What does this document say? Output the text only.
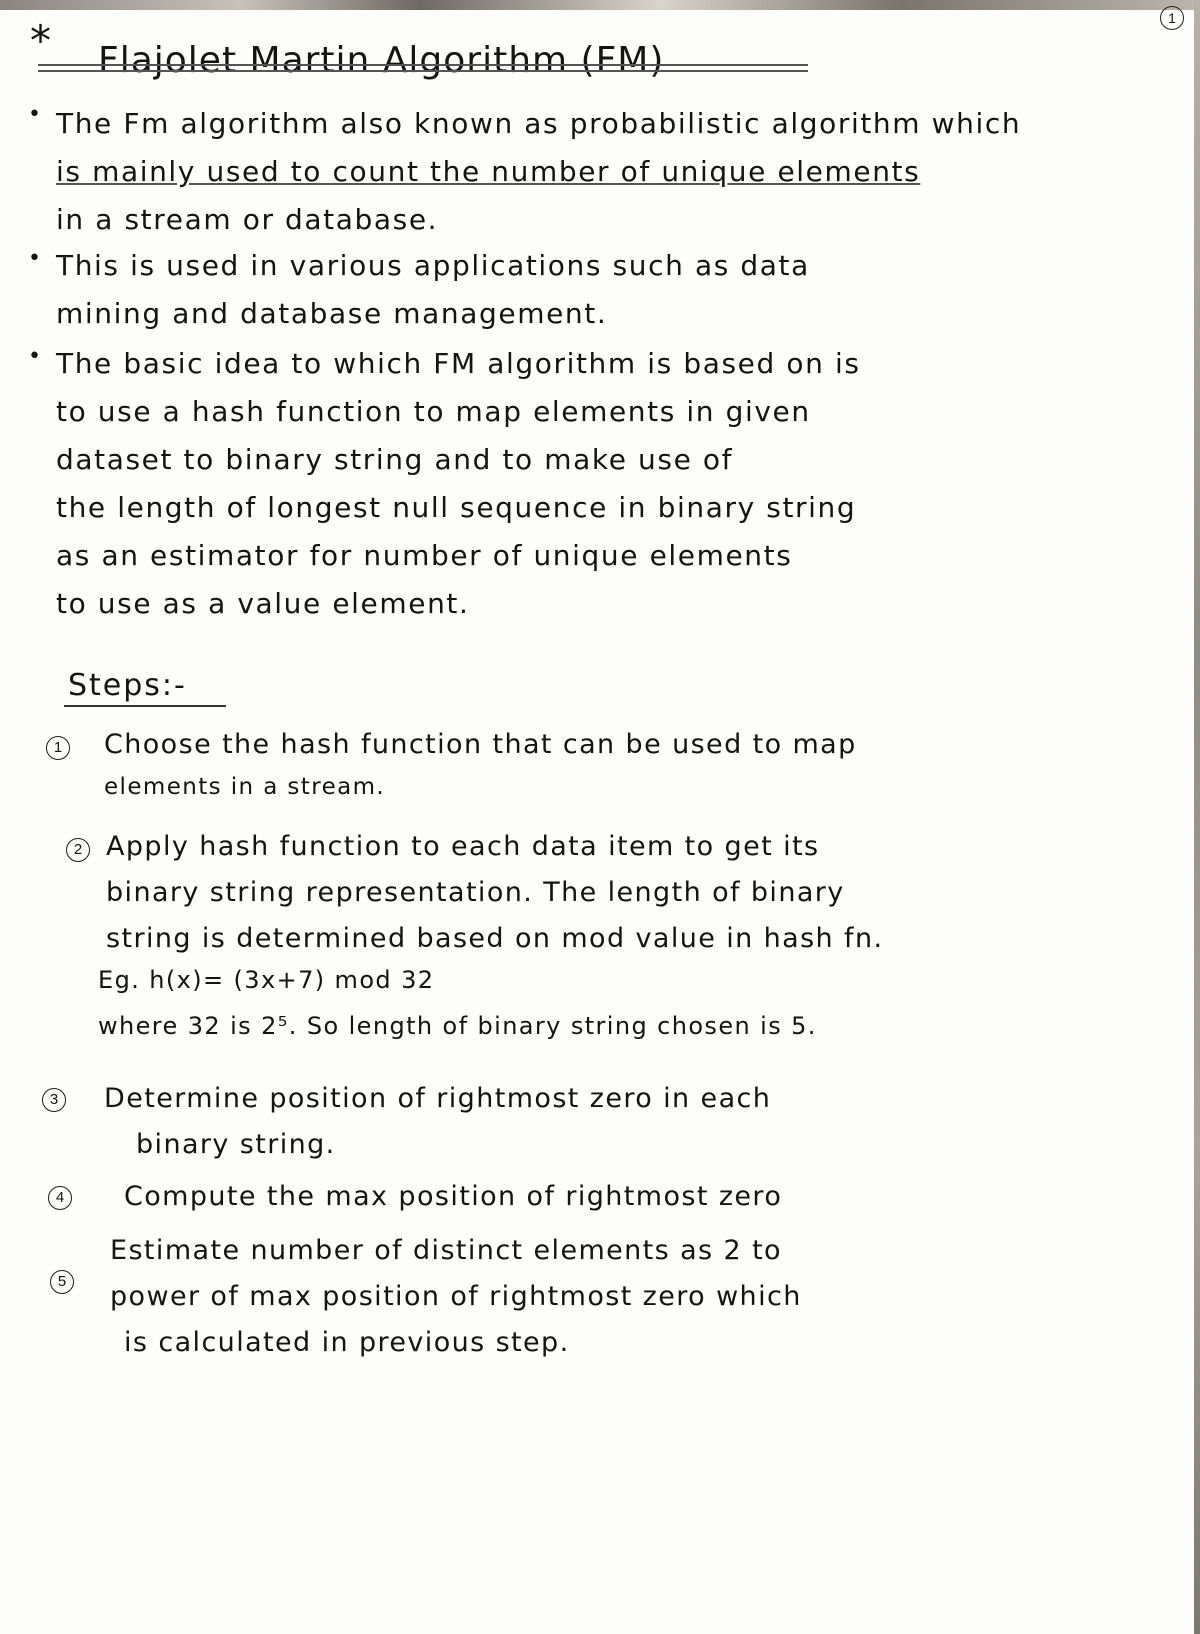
1
* Flajolet Martin Algorithm (FM)
• The Fm algorithm also known as probabilistic algorithm which
is mainly used to count the number of unique elements
in a stream or database.
• This is used in various applications such as data
mining and database management.
• The basic idea to which FM algorithm is based on is
to use a hash function to map elements in given
dataset to binary string and to make use of
the length of longest null sequence in binary string
as an estimator for number of unique elements
to use as a value element.
Steps:-
1 Choose the hash function that can be used to map
elements in a stream.
2 Apply hash function to each data item to get its
binary string representation. The length of binary
string is determined based on mod value in hash fn.
Eg. h(x)= (3x+7) mod 32
where 32 is 2⁵. So length of binary string chosen is 5.
3 Determine position of rightmost zero in each
binary string.
4 Compute the max position of rightmost zero
5
Estimate number of distinct elements as 2 to
power of max position of rightmost zero which
is calculated in previous step.
